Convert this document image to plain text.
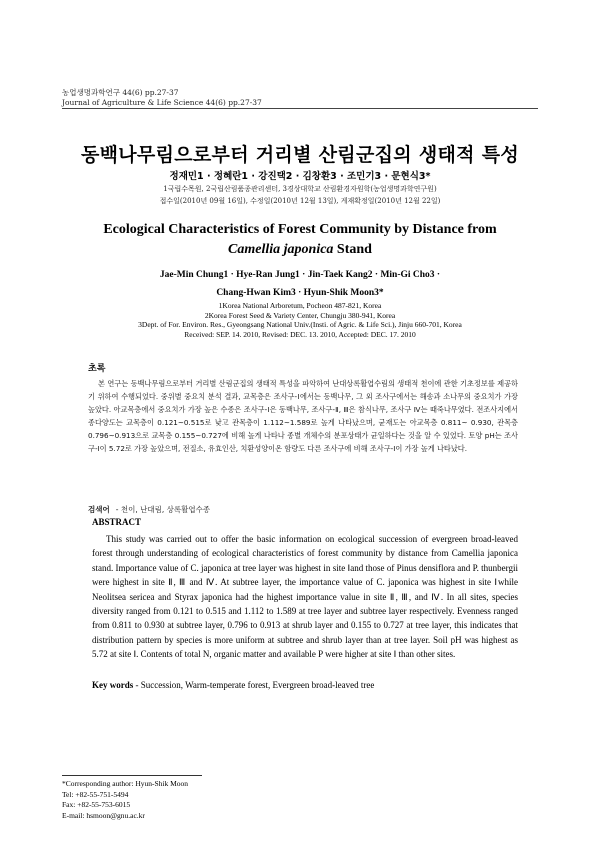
농업생명과학연구 44(6) pp.27-37
Journal of Agriculture & Life Science 44(6) pp.27-37
동백나무림으로부터 거리별 산림군집의 생태적 특성
정재민1 · 정혜란1 · 강진택2 · 김창환3 · 조민기3 · 문현식3*
1국립수목원, 2국립산림품종관리센터, 3경상대학교 산림환경자원학(농업생명과학연구원)
접수일(2010년 09월 16일), 수정일(2010년 12월 13일), 게재확정일(2010년 12월 22일)
Ecological Characteristics of Forest Community by Distance from
Camellia japonica Stand
Jae-Min Chung1 · Hye-Ran Jung1 · Jin-Taek Kang2 · Min-Gi Cho3 ·
Chang-Hwan Kim3 · Hyun-Shik Moon3*
1Korea National Arboretum, Pocheon 487-821, Korea
2Korea Forest Seed & Variety Center, Chungju 380-941, Korea
3Dept. of For. Environ. Res., Gyeongsang National Univ.(Insti. of Agric. & Life Sci.), Jinju 660-701, Korea
Received: SEP. 14. 2010, Revised: DEC. 13. 2010, Accepted: DEC. 17. 2010
초록

본 연구는 동백나무림으로부터 거리별 산림군집의 생태적 특성을 파악하여 난대상록활엽수림의 생태적 천이에 관한 기초정보를 제공하기 위하여 수행되었다. 중위별 중요치 분석 결과, 교목층은 조사구-Ⅰ에서는 동백나무, 그 외 조사구에서는 해송과 소나무의 중요치가 가장 높았다. 아교목층에서 중요치가 가장 높은 수종은 조사구-Ⅰ은 동백나무, 조사구-Ⅱ, Ⅲ은 참식나무, 조사구 Ⅳ는 때죽나무였다. 전조사지에서 종다양도는 교목층이 0.121~0.515로 낮고 관목층이 1.112~1.589로 높게 나타났으며, 균재도는 아교목층 0.811~ 0.930, 관목층 0.796~0.913으로 교목층 0.155~0.727에 비해 높게 나타나 종별 개체수의 분포상태가 균일하다는 것을 알 수 있었다. 토양 pH는 조사구-Ⅰ이 5.72로 가장 높았으며, 전질소, 유효인산, 치환성양이온 함량도 다른 조사구에 비해 조사구-Ⅰ이 가장 높게 나타났다.

검색어 - 천이, 난대림, 상록활엽수종
ABSTRACT

This study was carried out to offer the basic information on ecological succession of evergreen broad-leaved forest through understanding of ecological characteristics of forest community by distance from Camellia japonica stand. Importance value of C. japonica at tree layer was highest in site Ⅰand those of Pinus densiflora and P. thunbergii were highest in site Ⅱ, Ⅲ and Ⅳ. At subtree layer, the importance value of C. japonica was highest in site Ⅰwhile Neolitsea sericea and Styrax japonica had the highest importance value in site Ⅱ, Ⅲ, and Ⅳ. In all sites, species diversity ranged from 0.121 to 0.515 and 1.112 to 1.589 at tree layer and subtree layer respectively. Evenness ranged from 0.811 to 0.930 at subtree layer, 0.796 to 0.913 at shrub layer and 0.155 to 0.727 at tree layer, this indicates that distribution pattern by species is more uniform at subtree and shrub layer than at tree layer. Soil pH was highest as 5.72 at site Ⅰ. Contents of total N, organic matter and available P were higher at site Ⅰ than other sites.

Key words - Succession, Warm-temperate forest, Evergreen broad-leaved tree
*Corresponding author: Hyun-Shik Moon
Tel: +82-55-751-5494
Fax: +82-55-753-6015
E-mail: hsmoon@gnu.ac.kr
